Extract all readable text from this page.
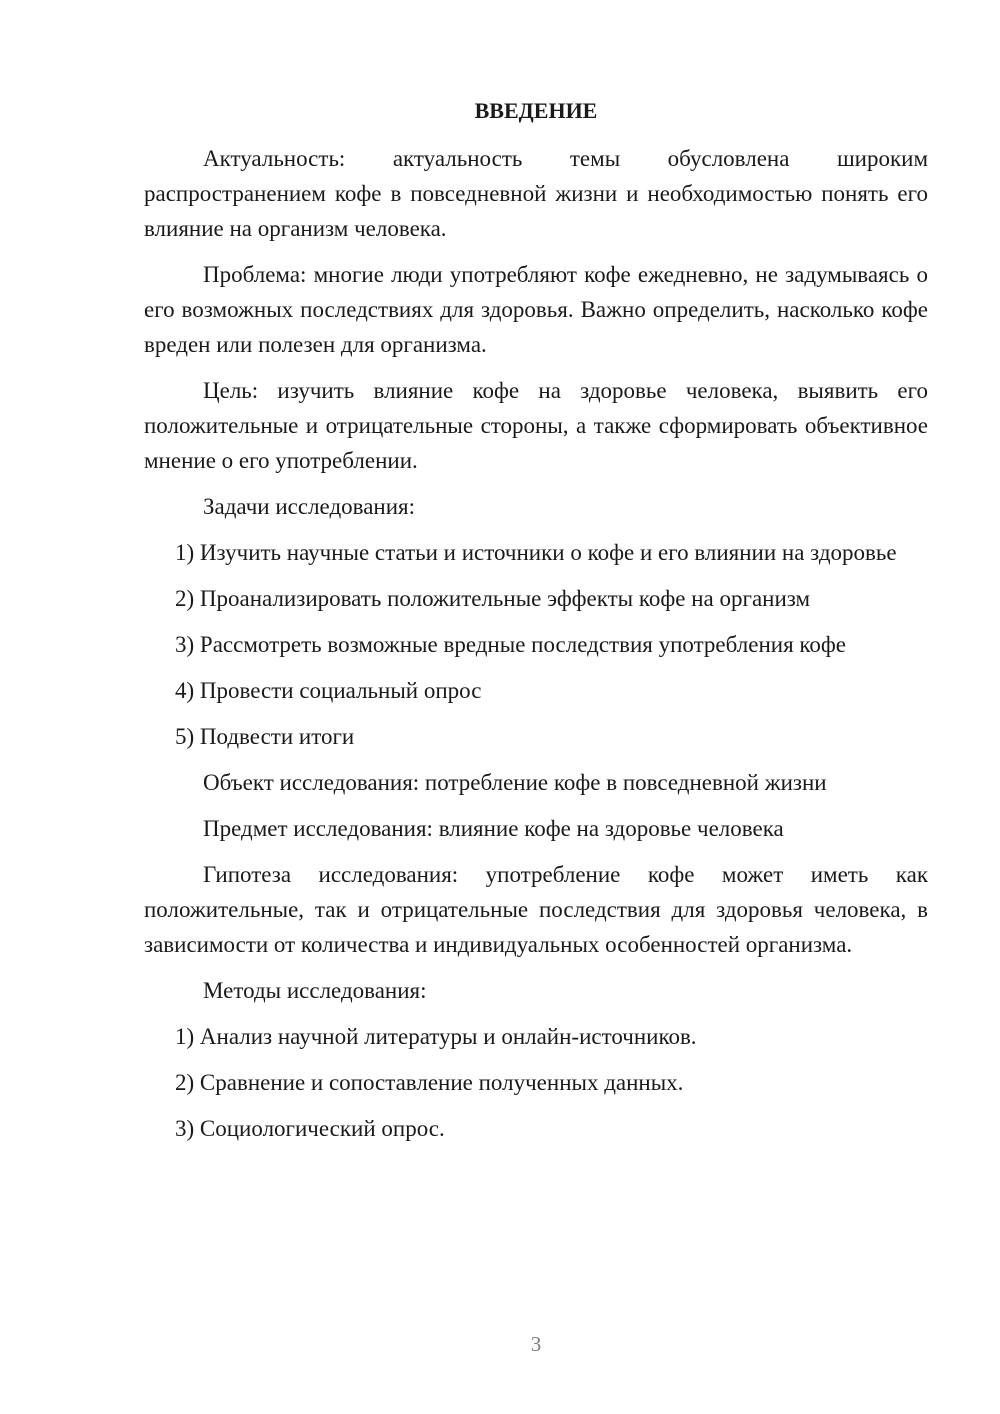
ВВЕДЕНИЕ

Актуальность: актуальность темы обусловлена широким распространением кофе в повседневной жизни и необходимостью понять его влияние на организм человека.

Проблема: многие люди употребляют кофе ежедневно, не задумываясь о его возможных последствиях для здоровья. Важно определить, насколько кофе вреден или полезен для организма.

Цель: изучить влияние кофе на здоровье человека, выявить его положительные и отрицательные стороны, а также сформировать объективное мнение о его употреблении.

Задачи исследования:

1) Изучить научные статьи и источники о кофе и его влиянии на здоровье

2) Проанализировать положительные эффекты кофе на организм

3) Рассмотреть возможные вредные последствия употребления кофе

4) Провести социальный опрос

5) Подвести итоги

Объект исследования: потребление кофе в повседневной жизни

Предмет исследования: влияние кофе на здоровье человека

Гипотеза исследования: употребление кофе может иметь как положительные, так и отрицательные последствия для здоровья человека, в зависимости от количества и индивидуальных особенностей организма.

Методы исследования:

1) Анализ научной литературы и онлайн-источников.

2) Сравнение и сопоставление полученных данных.

3) Социологический опрос.

3
